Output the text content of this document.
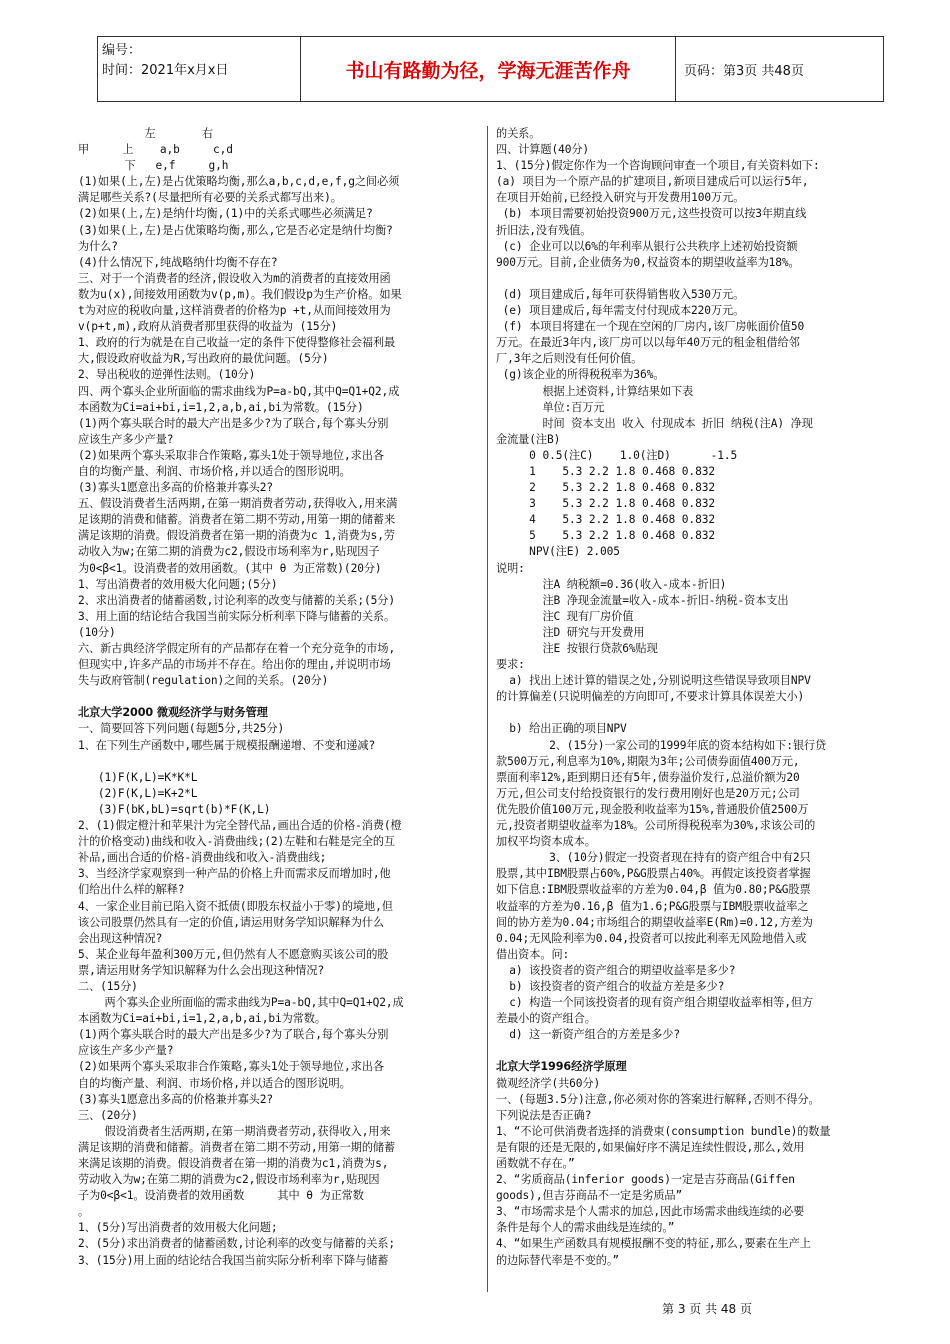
编号：
时间：2021年x月x日	书山有路勤为径，学海无涯苦作舟	页码：第3页 共48页
左       右
甲     上    a,b     c,d
下   e,f     g,h
(1)如果(上,左)是占优策略均衡,那么a,b,c,d,e,f,g之间必须
满足哪些关系?(尽量把所有必要的关系式都写出来)。
(2)如果(上,左)是纳什均衡,(1)中的关系式哪些必须满足?
(3)如果(上,左)是占优策略均衡,那么,它是否必定是纳什均衡?
为什么?
(4)什么情况下,纯战略纳什均衡不存在?
三、对于一个消费者的经济,假设收入为m的消费者的直接效用函
数为u(x),间接效用函数为v(p,m)。我们假设p为生产价格。如果
t为对应的税收向量,这样消费者的价格为p +t,从而间接效用为
v(p+t,m),政府从消费者那里获得的收益为 (15分)
1、政府的行为就是在自己收益一定的条件下使得整修社会福利最
大,假设政府收益为R,写出政府的最优问题。(5分)
2、导出税收的逆弹性法则。(10分)
四、两个寡头企业所面临的需求曲线为P=a-bQ,其中Q=Q1+Q2,成
本函数为Ci=ai+bi,i=1,2,a,b,ai,bi为常数。(15分)
(1)两个寡头联合时的最大产出是多少?为了联合,每个寡头分别
应该生产多少产量?
(2)如果两个寡头采取非合作策略,寡头1处于领导地位,求出各
自的均衡产量、利润、市场价格,并以适合的图形说明。
(3)寡头1愿意出多高的价格兼并寡头2?
五、假设消费者生活两期,在第一期消费者劳动,获得收入,用来满
足该期的消费和储蓄。消费者在第二期不劳动,用第一期的储蓄来
满足该期的消费。假设消费者在第一期的消费为c 1,消费为s,劳
动收入为w;在第二期的消费为c2,假设市场利率为r,贴现因子
为0<β<1。设消费者的效用函数。(其中 θ 为正常数)(20分)
1、写出消费者的效用极大化问题;(5分)
2、求出消费者的储蓄函数,讨论利率的改变与储蓄的关系;(5分)
3、用上面的结论结合我国当前实际分析利率下降与储蓄的关系。
(10分)
六、新古典经济学假定所有的产品都存在着一个充分竞争的市场,
但现实中,许多产品的市场并不存在。给出你的理由,并说明市场
失与政府管制(regulation)之间的关系。(20分)
北京大学2000 微观经济学与财务管理
一、简要回答下列问题(每题5分,共25分)
1、在下列生产函数中,哪些属于规模报酬递增、不变和递减?
(1)F(K,L)=K*K*L
(2)F(K,L)=K+2*L
(3)F(bK,bL)=sqrt(b)*F(K,L)
2、(1)假定橙汁和苹果汁为完全替代品,画出合适的价格-消费(橙
汁的价格变动)曲线和收入-消费曲线;(2)左鞋和右鞋是完全的互
补品,画出合适的价格-消费曲线和收入-消费曲线;
3、当经济学家观察到一种产品的价格上升而需求反而增加时,他
们给出什么样的解释?
4、一家企业目前已陷入资不抵债(即股东权益小于零)的境地,但
该公司股票仍然具有一定的价值,请运用财务学知识解释为什么
会出现这种情况?
5、某企业每年盈利300万元,但仍然有人不愿意购买该公司的股
票,请运用财务学知识解释为什么会出现这种情况?
二、(15分)
两个寡头企业所面临的需求曲线为P=a-bQ,其中Q=Q1+Q2,成
本函数为Ci=ai+bi,i=1,2,a,b,ai,bi为常数。
(1)两个寡头联合时的最大产出是多少?为了联合,每个寡头分别
应该生产多少产量?
(2)如果两个寡头采取非合作策略,寡头1处于领导地位,求出各
自的均衡产量、利润、市场价格,并以适合的图形说明。
(3)寡头1愿意出多高的价格兼并寡头2?
三、(20分)
假设消费者生活两期,在第一期消费者劳动,获得收入,用来
满足该期的消费和储蓄。消费者在第二期不劳动,用第一期的储蓄
来满足该期的消费。假设消费者在第一期的消费为c1,消费为s,
劳动收入为w;在第二期的消费为c2,假设市场利率为r,贴现因
子为0<β<1。设消费者的效用函数     其中 θ 为正常数
。
1、(5分)写出消费者的效用极大化问题;
2、(5分)求出消费者的储蓄函数,讨论利率的改变与储蓄的关系;
3、(15分)用上面的结论结合我国当前实际分析利率下降与储蓄
的关系。
四、计算题(40分)
1、(15分)假定你作为一个咨询顾问审查一个项目,有关资料如下:
(a) 项目为一个原产品的扩建项目,新项目建成后可以运行5年,
在项目开始前,已经投入研究与开发费用100万元。
(b) 本项目需要初始投资900万元,这些投资可以按3年期直线
折旧法,没有残值。
(c) 企业可以以6%的年利率从银行公共秩序上述初始投资额
900万元。目前,企业债务为0,权益资本的期望收益率为18%。
(d) 项目建成后,每年可获得销售收入530万元。
(e) 项目建成后,每年需支付付现成本220万元。
(f) 本项目将建在一个现在空闲的厂房内,该厂房帐面价值50
万元。在最近3年内,该厂房可以以每年40万元的租金租借给邻
厂,3年之后则没有任何价值。
(g)该企业的所得税税率为36%。
根据上述资料,计算结果如下表
单位:百万元
时间 资本支出 收入 付现成本 折旧 纳税(注A) 净现
金流量(注B)
0 0.5(注C)    1.0(注D)      -1.5
1    5.3 2.2 1.8 0.468 0.832
2    5.3 2.2 1.8 0.468 0.832
3    5.3 2.2 1.8 0.468 0.832
4    5.3 2.2 1.8 0.468 0.832
5    5.3 2.2 1.8 0.468 0.832
NPV(注E) 2.005
说明:
注A 纳税额=0.36(收入-成本-折旧)
注B 净现金流量=收入-成本-折旧-纳税-资本支出
注C 现有厂房价值
注D 研究与开发费用
注E 按银行贷款6%贴现
要求:
a) 找出上述计算的错误之处,分别说明这些错误导致项目NPV
的计算偏差(只说明偏差的方向即可,不要求计算具体误差大小)
b) 给出正确的项目NPV
2、(15分)一家公司的1999年底的资本结构如下:银行贷
款500万元,利息率为10%,期限为3年;公司债券面值400万元,
票面利率12%,距到期日还有5年,债券溢价发行,总溢价额为20
万元,但公司支付给投资银行的发行费用刚好也是20万元;公司
优先股价值100万元,现金股利收益率为15%,普通股价值2500万
元,投资者期望收益率为18%。公司所得税税率为30%,求该公司的
加权平均资本成本。
3、(10分)假定一投资者现在持有的资产组合中有2只
股票,其中IBM股票占60%,P&G股票占40%。再假定该投资者掌握
如下信息:IBM股票收益率的方差为0.04,β 值为0.80;P&G股票
收益率的方差为0.16,β 值为1.6;P&G股票与IBM股票收益率之
间的协方差为0.04;市场组合的期望收益率E(Rm)=0.12,方差为
0.04;无风险利率为0.04,投资者可以按此利率无风险地借入或
借出资本。问:
a) 该投资者的资产组合的期望收益率是多少?
b) 该投资者的资产组合的收益方差是多少?
c) 构造一个同该投资者的现有资产组合期望收益率相等,但方
差最小的资产组合。
d) 这一新资产组合的方差是多少?
北京大学1996经济学原理
微观经济学(共60分)
一、(每题3.5分)注意,你必须对你的答案进行解释,否则不得分。
下列说法是否正确?
1、“不论可供消费者选择的消费束(consumption bundle)的数量
是有限的还是无限的,如果偏好序不满足连续性假设,那么,效用
函数就不存在。”
2、“劣质商品(inferior goods)一定是吉芬商品(Giffen
goods),但吉芬商品不一定是劣质品”
3、“市场需求是个人需求的加总,因此市场需求曲线连续的必要
条件是每个人的需求曲线是连续的。”
4、“如果生产函数具有规模报酬不变的特征,那么,要素在生产上
的边际替代率是不变的。”
第 3 页 共 48 页
